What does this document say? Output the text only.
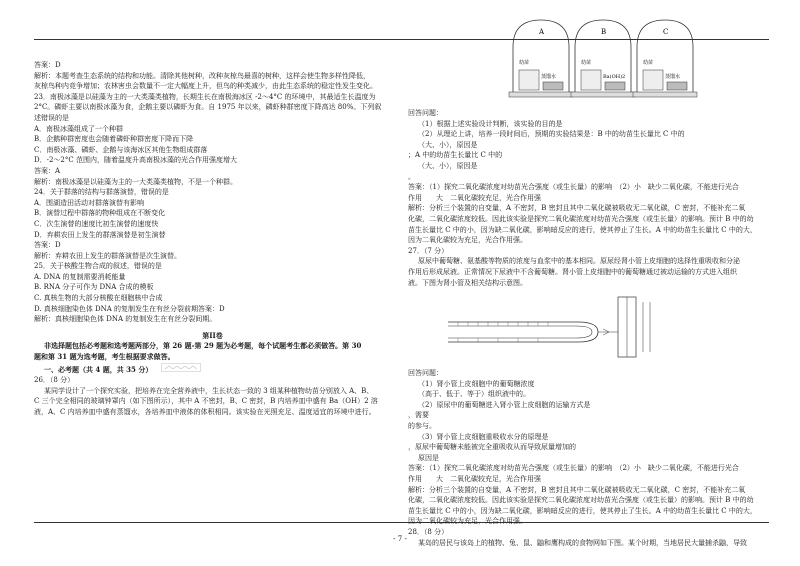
答案：D
解析：本题考查生态系统的结构和功能。清除其他树种，改种灰椋鸟最喜的树种，这样会使生物多样性降低，
灰椋鸟种内竞争增加；农林害虫会数量不一定大幅度上升，但鸟的种类减少，由此生态系统的稳定性发生变化。
23．南极冰藻是以硅藻为主的一大类藻类植物，长期生长在南极海冰区 -2～4°C 的环境中，其最适生长温度为
2°C。磷虾主要以南极冰藻为食，企鹅主要以磷虾为食。自 1975 年以来，磷虾种群密度下降高达 80%。下列叙
述错误的是
A．南极冰藻组成了一个种群
B．企鹅种群密度也会随着磷虾种群密度下降而下降
C．南极冰藻、磷虾、企鹅与该海冰区其他生物组成群落
D．-2～2°C 范围内，随着温度升高南极冰藻的光合作用强度增大
答案：A
解析：南极冰藻是以硅藻为主的一大类藻类植物，不是一个种群。
24．关于群落的结构与群落演替，错误的是
A．围湖造田活动对群落演替有影响
B．演替过程中群落的物种组成在不断变化
C．次生演替的速度比初生演替的速度快
D．弃耕农田上发生的群落演替是初生演替
答案：D
解析：弃耕农田上发生的群落演替是次生演替。
25．关于核酸生物合成的叙述，错误的是
A. DNA 的复制需要消耗能量
B. RNA 分子可作为 DNA 合成的模板
C. 真核生物的大部分核酸在细胞核中合成
D. 真核细胞染色体 DNA 的复制发生在有丝分裂前期答案：D
解析：真核细胞染色体 DNA 的复制发生在有丝分裂间期。
第II卷
非选择题包括必考题和选考题两部分，第 26 题-第 29 题为必考题，每个试题考生都必须做答。第 30
题和第 31 题为选考题，考生根据要求做答。
一、必考题（共 4 题，共 35 分）
26．（8 分）
某同学设计了一个探究实验，把培养在完全营养液中，生长状态一致的 3 组某种植物幼苗分别放入 A、B、
C 三个完全相同的玻璃钟罩内（如下图所示），其中 A 不密封，B、C 密封，B 内培养皿中盛有 Ba（OH）2 溶
液，A、C 内培养皿中盛有蒸馏水，各培养皿中液体的体积相同。该实验在光照充足、温度适宜的环境中进行。
A
幼苗
蒸馏水
B
幼苗
Ba(OH)2
C
幼苗
蒸馏水
回答问题：
（1）根据上述实验设计判断，该实验的目的是
（2）从理论上讲，培养一段时间后，预期的实验结果是：B 中的幼苗生长量比 C 中的
（大、小），原因是
；A 中的幼苗生长量比 C 中的
（大、小），原因是
。
答案：（1）探究二氧化碳浓度对幼苗光合强度（或生长量）的影响　（2）小　缺少二氧化碳，不能进行光合
作用　　大　二氧化碳较充足，光合作用强
解析：分析三个装置的自变量，A 不密封，B 密封且其中二氧化碳被吸收无二氧化碳，C 密封，不能补充二氧
化碳，二氧化碳浓度较低。因此该实验是探究二氧化碳浓度对幼苗光合强度（或生长量）的影响。预计 B 中的幼
苗生长量比 C 中的小，因为缺二氧化碳，影响暗反应的进行，使其停止了生长。A 中的幼苗生长量比 C 中的大，
因为二氧化碳较为充足，光合作用强。
27．（7 分）
原尿中葡萄糖、氨基酸等物质的浓度与血浆中的基本相同。原尿经肾小管上皮细胞的选择性重吸收和分泌
作用后形成尿液。正常情况下尿液中不含葡萄糖。肾小管上皮细胞中的葡萄糖通过被动运输的方式进入组织
液。下图为肾小管及相关结构示意图。
回答问题：
（1）肾小管上皮细胞中的葡萄糖浓度
（高于、低于、等于）组织液中的。
（2）原尿中的葡萄糖进入肾小管上皮细胞的运输方式是
，需要
的参与。
（3）肾小管上皮细胞重吸收水分的原理是
，原尿中葡萄糖未能被完全重吸收从而导致尿量增加的
原因是
答案：（1）探究二氧化碳浓度对幼苗光合强度（或生长量）的影响　（2）小　缺少二氧化碳，不能进行光合
作用　　大　二氧化碳较充足，光合作用强
解析：分析三个装置的自变量，A 不密封，B 密封且其中二氧化碳被吸收无二氧化碳，C 密封，不能补充二氧
化碳，二氧化碳浓度较低。因此该实验是探究二氧化碳浓度对幼苗光合强度（或生长量）的影响。预计 B 中的幼
苗生长量比 C 中的小，因为缺二氧化碳，影响暗反应的进行，使其停止了生长。A 中的幼苗生长量比 C 中的大，
因为二氧化碳较为充足，光合作用强。
28．（8 分）
某岛的居民与该岛上的植物、兔、鼠、鼬和鹰构成的食物网如下图。某个时期，当地居民大量捕杀鼬，导致
- 7 -
